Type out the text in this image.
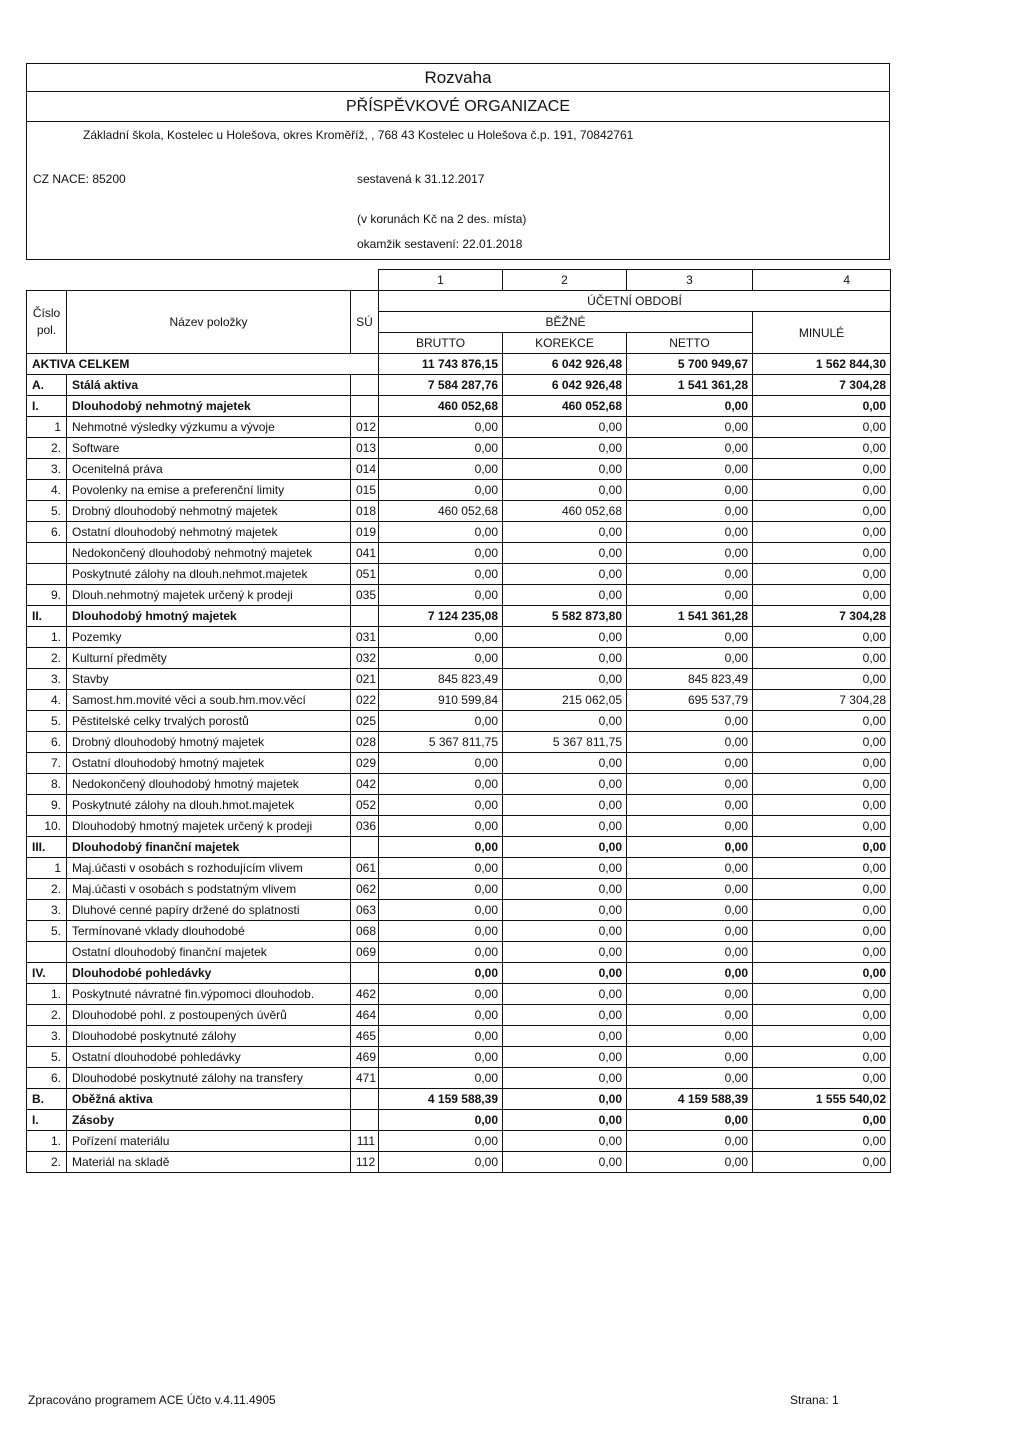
Rozvaha
PŘÍSPĚVKOVÉ ORGANIZACE
Základní škola, Kostelec u Holešova, okres Kroměříž, , 768 43 Kostelec u Holešova č.p. 191, 70842761
CZ NACE: 85200	sestavená k 31.12.2017
(v korunách Kč na 2 des. místa)
okamžik sestavení: 22.01.2018
			1	2	3	4

Číslo
pol.	Název položky	SÚ	ÚČETNÍ OBDOBÍ			
			BĚŽNÉ			MINULÉ
			BRUTTO	KOREKCE	NETTO	
AKTIVA CELKEM			11 743 876,15	6 042 926,48	5 700 949,67	1 562 844,30
A.	Stálá aktiva		7 584 287,76	6 042 926,48	1 541 361,28	7 304,28
I.	Dlouhodobý nehmotný majetek		460 052,68	460 052,68	0,00	0,00
1	Nehmotné výsledky výzkumu a vývoje	012	0,00	0,00	0,00	0,00
2.	Software	013	0,00	0,00	0,00	0,00
3.	Ocenitelná práva	014	0,00	0,00	0,00	0,00
4.	Povolenky na emise a preferenční limity	015	0,00	0,00	0,00	0,00
5.	Drobný dlouhodobý nehmotný majetek	018	460 052,68	460 052,68	0,00	0,00
6.	Ostatní dlouhodobý nehmotný majetek	019	0,00	0,00	0,00	0,00
	Nedokončený dlouhodobý nehmotný majetek	041	0,00	0,00	0,00	0,00
	Poskytnuté zálohy na dlouh.nehmot.majetek	051	0,00	0,00	0,00	0,00
9.	Dlouh.nehmotný majetek určený k prodeji	035	0,00	0,00	0,00	0,00
II.	Dlouhodobý hmotný majetek		7 124 235,08	5 582 873,80	1 541 361,28	7 304,28
1.	Pozemky	031	0,00	0,00	0,00	0,00
2.	Kulturní předměty	032	0,00	0,00	0,00	0,00
3.	Stavby	021	845 823,49	0,00	845 823,49	0,00
4.	Samost.hm.movité věci a soub.hm.mov.věcí	022	910 599,84	215 062,05	695 537,79	7 304,28
5.	Pěstitelské celky trvalých porostů	025	0,00	0,00	0,00	0,00
6.	Drobný dlouhodobý hmotný majetek	028	5 367 811,75	5 367 811,75	0,00	0,00
7.	Ostatní dlouhodobý hmotný majetek	029	0,00	0,00	0,00	0,00
8.	Nedokončený dlouhodobý hmotný majetek	042	0,00	0,00	0,00	0,00
9.	Poskytnuté zálohy na dlouh.hmot.majetek	052	0,00	0,00	0,00	0,00
10.	Dlouhodobý hmotný majetek určený k prodeji	036	0,00	0,00	0,00	0,00
III.	Dlouhodobý finanční majetek		0,00	0,00	0,00	0,00
1	Maj.účasti v osobách s rozhodujícím vlivem	061	0,00	0,00	0,00	0,00
2.	Maj.účasti v osobách s podstatným vlivem	062	0,00	0,00	0,00	0,00
3.	Dluhové cenné papíry držené do splatnosti	063	0,00	0,00	0,00	0,00
5.	Termínované vklady dlouhodobé	068	0,00	0,00	0,00	0,00
	Ostatní dlouhodobý finanční majetek	069	0,00	0,00	0,00	0,00
IV.	Dlouhodobé pohledávky		0,00	0,00	0,00	0,00
1.	Poskytnuté návratné fin.výpomoci dlouhodob.	462	0,00	0,00	0,00	0,00
2.	Dlouhodobé pohl. z postoupených úvěrů	464	0,00	0,00	0,00	0,00
3.	Dlouhodobé poskytnuté zálohy	465	0,00	0,00	0,00	0,00
5.	Ostatní dlouhodobé pohledávky	469	0,00	0,00	0,00	0,00
6.	Dlouhodobé poskytnuté zálohy na transfery	471	0,00	0,00	0,00	0,00
B.	Oběžná aktiva		4 159 588,39	0,00	4 159 588,39	1 555 540,02
I.	Zásoby		0,00	0,00	0,00	0,00
1.	Pořízení materiálu	111	0,00	0,00	0,00	0,00
2.	Materiál na skladě	112	0,00	0,00	0,00	0,00
Zpracováno programem ACE Účto v.4.11.4905	Strana: 1
